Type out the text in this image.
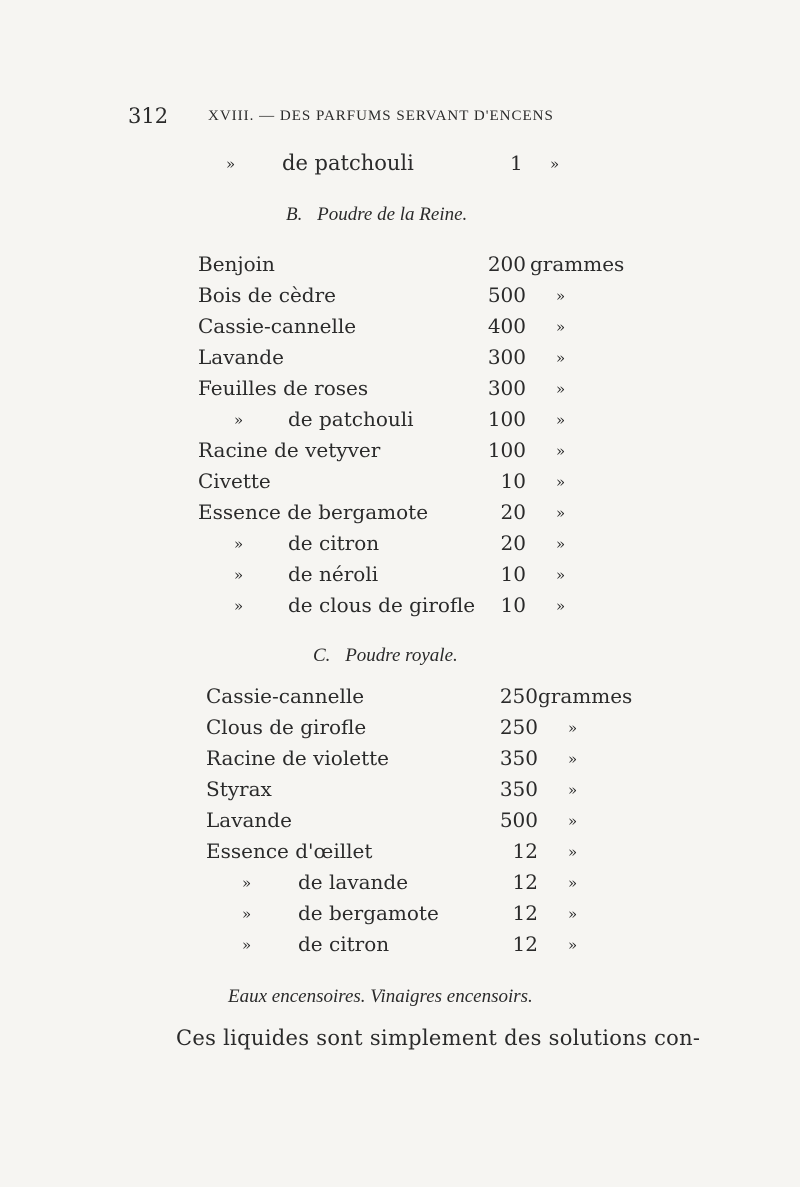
312	XVIII. — DES PARFUMS SERVANT D'ENCENS
» de patchouli	1 »
B. Poudre de la Reine.
Benjoin	200 grammes
Bois de cèdre	500 »
Cassie-cannelle	400 »
Lavande	300 »
Feuilles de roses	300 »
» de patchouli	100 »
Racine de vetyver	100 »
Civette	10 »
Essence de bergamote	20 »
» de citron	20 »
» de néroli	10 »
» de clous de girofle	10 »
C. Poudre royale.
Cassie-cannelle	250 grammes
Clous de girofle	250 »
Racine de violette	350 »
Styrax	350 »
Lavande	500 »
Essence d'œillet	12 »
» de lavande	12 »
» de bergamote	12 »
» de citron	12 »
Eaux encensoires. Vinaigres encensoirs.
Ces liquides sont simplement des solutions con-
